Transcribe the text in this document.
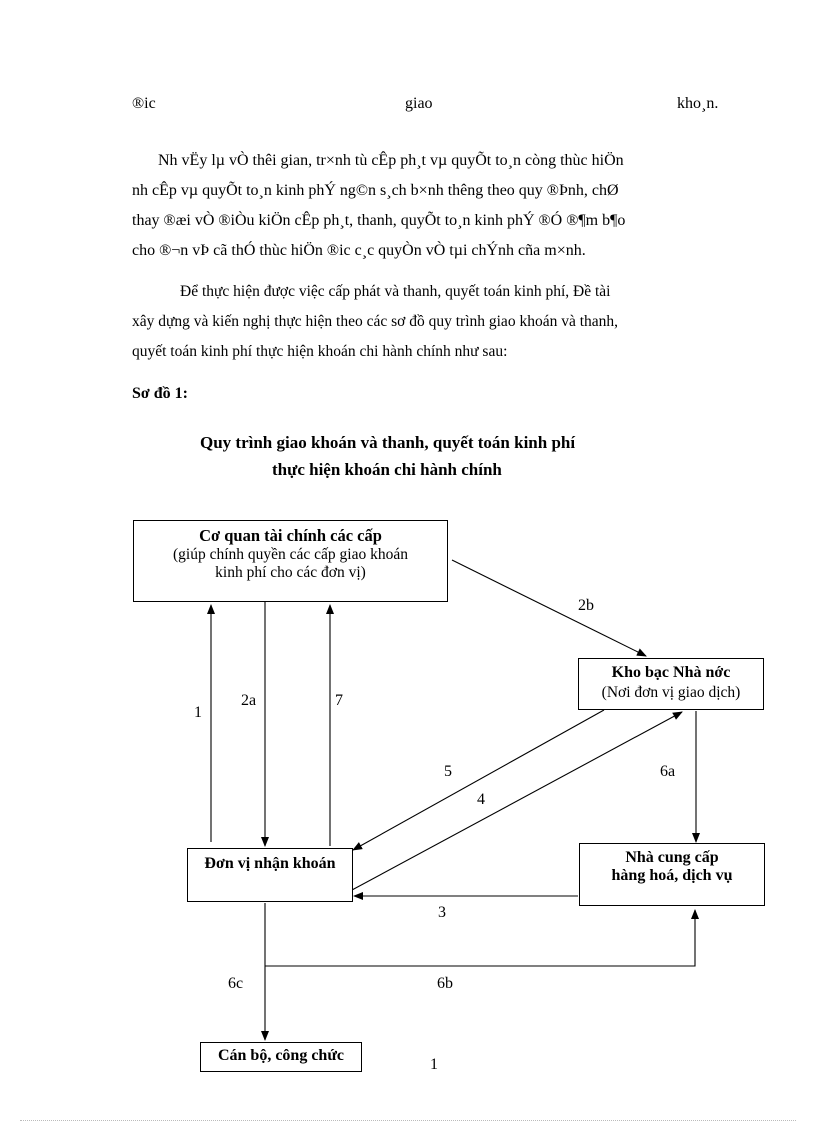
®ic	giao	kho¸n.
Nh vËy lµ vÒ thêi gian, tr×nh tù cÊp ph¸t vµ quyÕt to¸n còng thùc hiÖn
nh cÊp vµ quyÕt to¸n kinh phÝ ng©n s¸ch b×nh thêng theo quy ®Þnh, chØ
thay ®æi vÒ ®iÒu kiÖn cÊp ph¸t, thanh, quyÕt to¸n kinh phÝ ®Ó ®¶m b¶o
cho ®¬n vÞ cã thÓ thùc hiÖn ®ic c¸c quyÒn vÒ tµi chÝnh cña m×nh.
Để thực hiện được việc cấp phát và thanh, quyết toán kinh phí, Đề tài
xây dựng và kiến nghị thực hiện theo các sơ đồ quy trình giao khoán và thanh,
quyết toán kinh phí thực hiện khoán chi hành chính như sau:
Sơ đồ 1:
Quy trình giao khoán và thanh, quyết toán kinh phí
thực hiện khoán chi hành chính
Cơ quan tài chính các cấp
(giúp chính quyền các cấp giao khoán
kinh phí cho các đơn vị)
Kho bạc Nhà nớc
(Nơi đơn vị giao dịch)
Đơn vị nhận khoán	Nhà cung cấp
hàng hoá, dịch vụ
Cán bộ, công chức
1
2a	7
2b
5
4
6a
3
6c	6b
1
